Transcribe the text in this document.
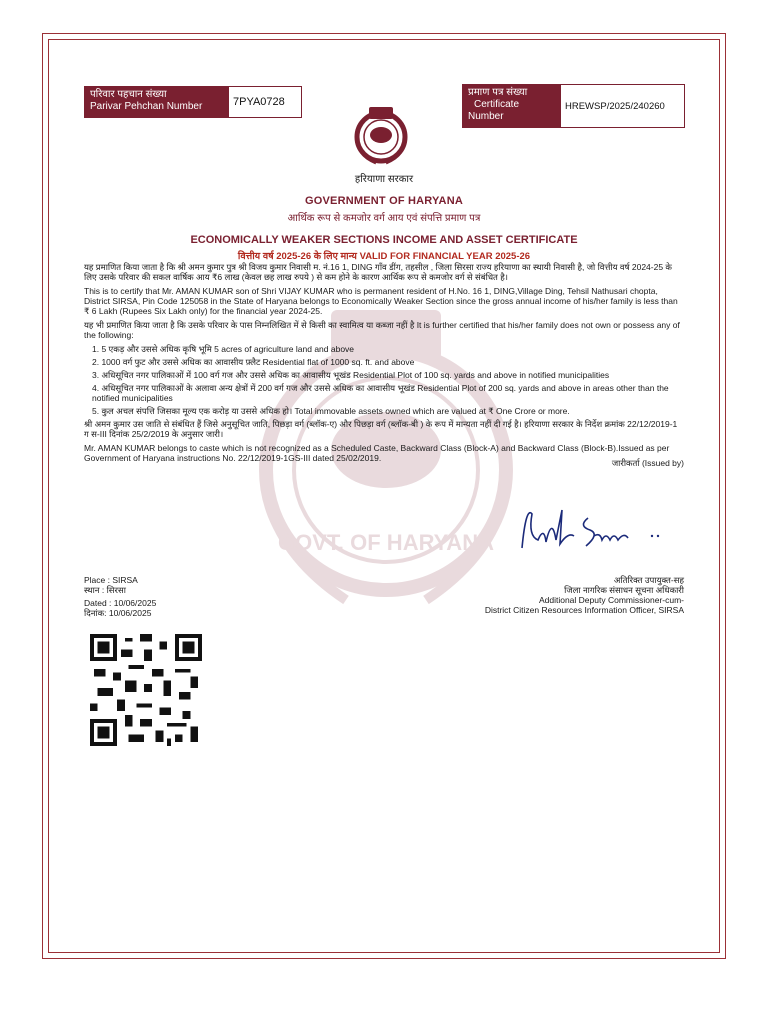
GOVT. OF HARYANA
परिवार पहचान संख्या
Parivar Pehchan Number	7PYA0728
प्रमाण पत्र संख्या
Certificate
Number
HREWSP/2025/240260
हरियाणा सरकार
GOVERNMENT OF HARYANA
आर्थिक रूप से कमजोर वर्ग आय एवं संपत्ति प्रमाण पत्र
ECONOMICALLY WEAKER SECTIONS INCOME AND ASSET CERTIFICATE
वित्तीय वर्ष 2025-26 के लिए मान्य VALID FOR FINANCIAL YEAR 2025-26

यह प्रमाणित किया जाता है कि श्री अमन कुमार पुत्र श्री विजय कुमार निवासी म. नं.16 1, DING गाँव डींग, तहसील , जिला सिरसा राज्य हरियाणा का स्थायी निवासी है, जो वित्तीय वर्ष 2024-25 के लिए उसके परिवार की सकल वार्षिक आय ₹6 लाख (केवल छह लाख रुपये ) से कम होने के कारण आर्थिक रूप से कमजोर वर्ग से संबंधित है।

This is to certify that Mr. AMAN KUMAR son of Shri VIJAY KUMAR who is permanent resident of H.No. 16 1, DING,Village Ding, Tehsil Nathusari chopta, District SIRSA, Pin Code 125058 in the State of Haryana belongs to Economically Weaker Section since the gross annual income of his/her family is less than ₹ 6 Lakh (Rupees Six Lakh only) for the financial year 2024-25.

यह भी प्रमाणित किया जाता है कि उसके परिवार के पास निम्नलिखित में से किसी का स्वामित्व या कब्जा नहीं है It is further certified that his/her family does not own or possess any of the following:

1. 5 एकड़ और उससे अधिक कृषि भूमि 5 acres of agriculture land and above
2. 1000 वर्ग फुट और उससे अधिक का आवासीय फ़्लैट Residential flat of 1000 sq. ft. and above
3. अधिसूचित नगर पालिकाओं में 100 वर्ग गज और उससे अधिक का आवासीय भूखंड Residential Plot of 100 sq. yards and above in notified municipalities
4. अधिसूचित नगर पालिकाओं के अलावा अन्य क्षेत्रों में 200 वर्ग गज और उससे अधिक का आवासीय भूखंड Residential Plot of 200 sq. yards and above in areas other than the notified municipalities
5. कुल अचल संपत्ति जिसका मूल्य एक करोड़ या उससे अधिक हो। Total immovable assets owned which are valued at ₹ One Crore or more.

श्री अमन कुमार उस जाति से संबंधित हैं जिसे अनुसूचित जाति, पिछड़ा वर्ग (ब्लॉक-ए) और पिछड़ा वर्ग (ब्लॉक-बी ) के रूप में मान्यता नहीं दी गई है। हरियाणा सरकार के निर्देश क्रमांक 22/12/2019-1 ग स-III दिनांक 25/2/2019 के अनुसार जारी।

Mr. AMAN KUMAR belongs to caste which is not recognized as a Scheduled Caste, Backward Class (Block-A) and Backward Class (Block-B).Issued as per Government of Haryana instructions No. 22/12/2019-1GS-III dated 25/02/2019.	जारीकर्ता (Issued by)
Place : SIRSA
स्थान : सिरसा
Dated : 10/06/2025
दिनांक: 10/06/2025
अतिरिक्त उपायुक्त-सह
जिला नागरिक संसाधन सूचना अधिकारी
Additional Deputy Commissioner-cum-
District Citizen Resources Information Officer, SIRSA
